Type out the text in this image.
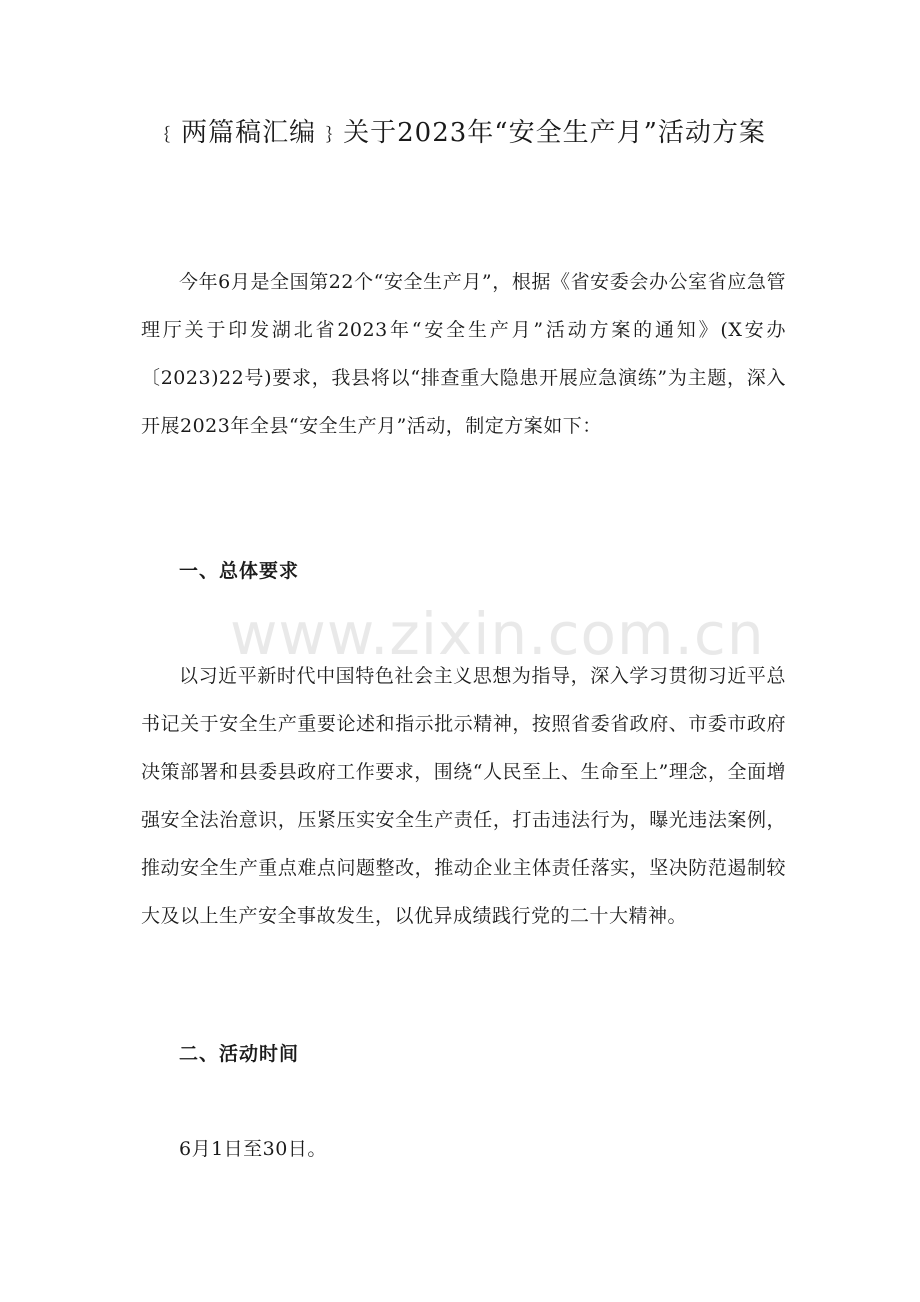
﹛两篇稿汇编﹜关于2023年“安全生产月”活动方案

今年6月是全国第22个“安全生产月”，根据《省安委会办公室省应急管理厅关于印发湖北省2023年“安全生产月”活动方案的通知》(X安办〔2023)22号)要求，我县将以“排查重大隐患开展应急演练”为主题，深入开展2023年全县“安全生产月”活动，制定方案如下：

一、总体要求

以习近平新时代中国特色社会主义思想为指导，深入学习贯彻习近平总书记关于安全生产重要论述和指示批示精神，按照省委省政府、市委市政府决策部署和县委县政府工作要求，围绕“人民至上、生命至上”理念，全面增强安全法治意识，压紧压实安全生产责任，打击违法行为，曝光违法案例，推动安全生产重点难点问题整改，推动企业主体责任落实，坚决防范遏制较大及以上生产安全事故发生，以优异成绩践行党的二十大精神。

二、活动时间

6月1日至30日。

www.zixin.com.cn
